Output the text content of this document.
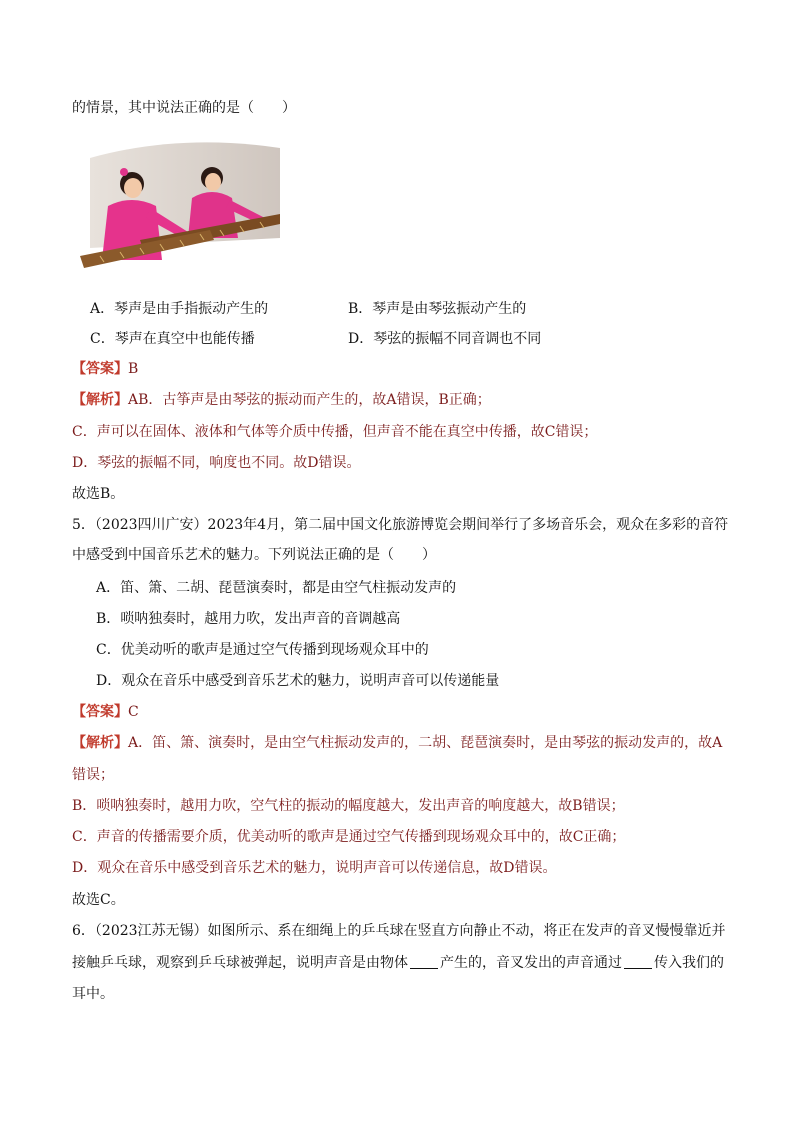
的情景，其中说法正确的是（　　）
A．琴声是由手指振动产生的	B．琴声是由琴弦振动产生的
C．琴声在真空中也能传播	D．琴弦的振幅不同音调也不同
【答案】B
【解析】AB．古筝声是由琴弦的振动而产生的，故A错误，B正确；
C．声可以在固体、液体和气体等介质中传播，但声音不能在真空中传播，故C错误；
D．琴弦的振幅不同，响度也不同。故D错误。
故选B。
5．（2023四川广安）2023年4月，第二届中国文化旅游博览会期间举行了多场音乐会，观众在多彩的音符
中感受到中国音乐艺术的魅力。下列说法正确的是（　　）
A．笛、箫、二胡、琵琶演奏时，都是由空气柱振动发声的
B．唢呐独奏时，越用力吹，发出声音的音调越高
C．优美动听的歌声是通过空气传播到现场观众耳中的
D．观众在音乐中感受到音乐艺术的魅力，说明声音可以传递能量
【答案】C
【解析】A．笛、箫、演奏时，是由空气柱振动发声的，二胡、琵琶演奏时，是由琴弦的振动发声的，故A
错误；
B．唢呐独奏时，越用力吹，空气柱的振动的幅度越大，发出声音的响度越大，故B错误；
C．声音的传播需要介质，优美动听的歌声是通过空气传播到现场观众耳中的，故C正确；
D．观众在音乐中感受到音乐艺术的魅力，说明声音可以传递信息，故D错误。
故选C。
6．（2023江苏无锡）如图所示、系在细绳上的乒乓球在竖直方向静止不动，将正在发声的音叉慢慢靠近并
接触乒乓球，观察到乒乓球被弹起，说明声音是由物体 产生的，音叉发出的声音通过 传入我们的
耳中。
